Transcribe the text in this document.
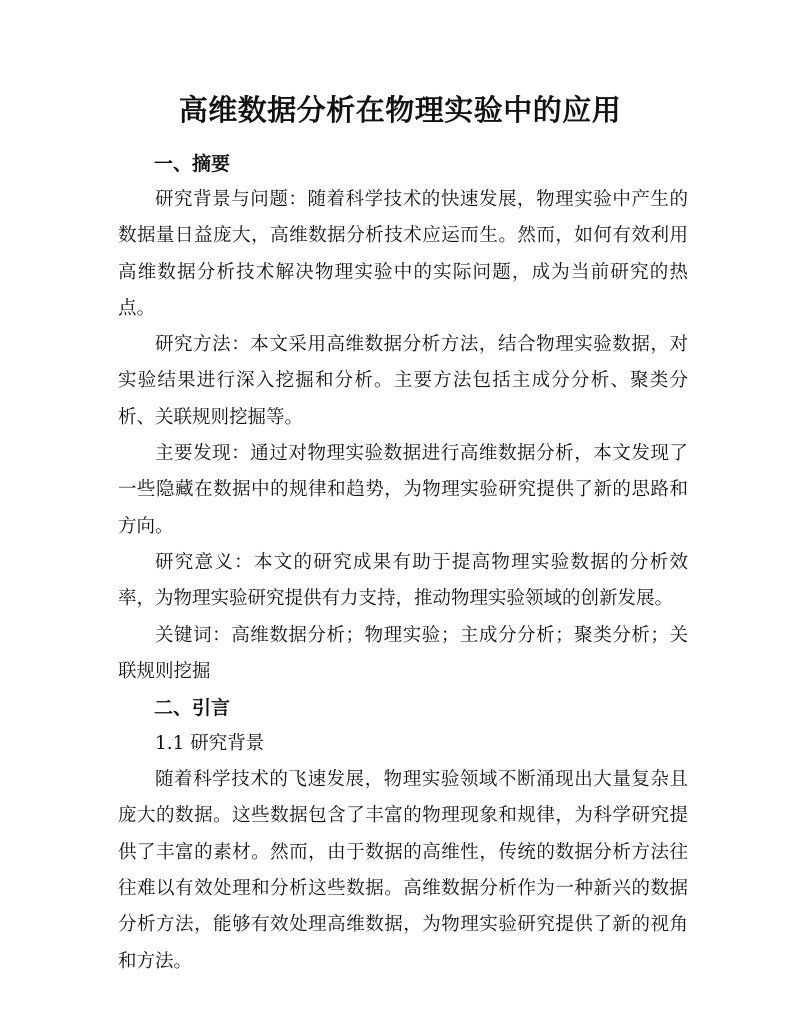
高维数据分析在物理实验中的应用

一、摘要

研究背景与问题：随着科学技术的快速发展，物理实验中产生的数据量日益庞大，高维数据分析技术应运而生。然而，如何有效利用高维数据分析技术解决物理实验中的实际问题，成为当前研究的热点。

研究方法：本文采用高维数据分析方法，结合物理实验数据，对实验结果进行深入挖掘和分析。主要方法包括主成分分析、聚类分析、关联规则挖掘等。

主要发现：通过对物理实验数据进行高维数据分析，本文发现了一些隐藏在数据中的规律和趋势，为物理实验研究提供了新的思路和方向。

研究意义：本文的研究成果有助于提高物理实验数据的分析效率，为物理实验研究提供有力支持，推动物理实验领域的创新发展。

关键词：高维数据分析；物理实验；主成分分析；聚类分析；关联规则挖掘

二、引言

1.1 研究背景

随着科学技术的飞速发展，物理实验领域不断涌现出大量复杂且庞大的数据。这些数据包含了丰富的物理现象和规律，为科学研究提供了丰富的素材。然而，由于数据的高维性，传统的数据分析方法往往难以有效处理和分析这些数据。高维数据分析作为一种新兴的数据分析方法，能够有效处理高维数据，为物理实验研究提供了新的视角和方法。
